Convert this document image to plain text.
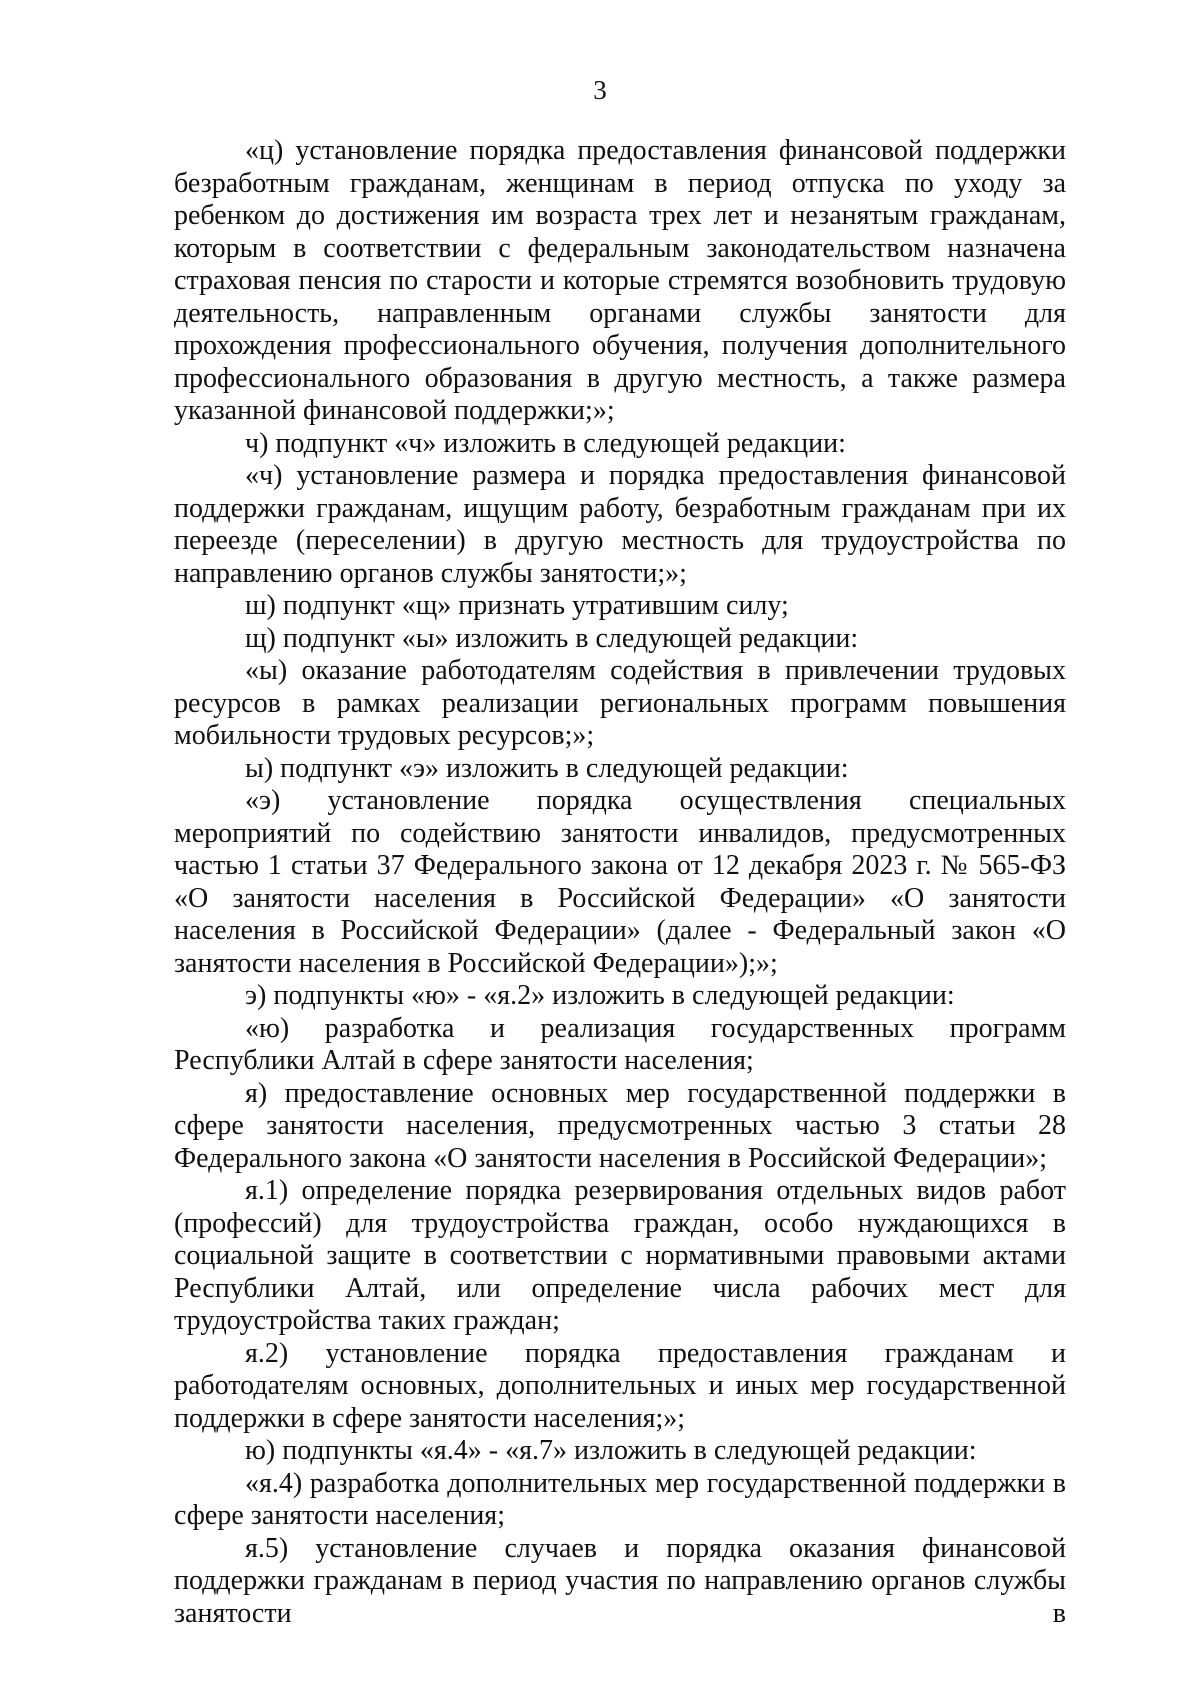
3

«ц) установление порядка предоставления финансовой поддержки безработным гражданам, женщинам в период отпуска по уходу за ребенком до достижения им возраста трех лет и незанятым гражданам, которым в соответствии с федеральным законодательством назначена страховая пенсия по старости и которые стремятся возобновить трудовую деятельность, направленным органами службы занятости для прохождения профессионального обучения, получения дополнительного профессионального образования в другую местность, а также размера указанной финансовой поддержки;»;

ч) подпункт «ч» изложить в следующей редакции:

«ч) установление размера и порядка предоставления финансовой поддержки гражданам, ищущим работу, безработным гражданам при их переезде (переселении) в другую местность для трудоустройства по направлению органов службы занятости;»;

ш) подпункт «щ» признать утратившим силу;

щ) подпункт «ы» изложить в следующей редакции:

«ы) оказание работодателям содействия в привлечении трудовых ресурсов в рамках реализации региональных программ повышения мобильности трудовых ресурсов;»;

ы) подпункт «э» изложить в следующей редакции:

«э) установление порядка осуществления специальных мероприятий по содействию занятости инвалидов, предусмотренных частью 1 статьи 37 Федерального закона от 12 декабря 2023 г. № 565-ФЗ «О занятости населения в Российской Федерации» «О занятости населения в Российской Федерации» (далее - Федеральный закон «О занятости населения в Российской Федерации»);»;

э) подпункты «ю» - «я.2» изложить в следующей редакции:

«ю) разработка и реализация государственных программ Республики Алтай в сфере занятости населения;

я) предоставление основных мер государственной поддержки в сфере занятости населения, предусмотренных частью 3 статьи 28 Федерального закона «О занятости населения в Российской Федерации»;

я.1) определение порядка резервирования отдельных видов работ (профессий) для трудоустройства граждан, особо нуждающихся в социальной защите в соответствии с нормативными правовыми актами Республики Алтай, или определение числа рабочих мест для трудоустройства таких граждан;

я.2) установление порядка предоставления гражданам и работодателям основных, дополнительных и иных мер государственной поддержки в сфере занятости населения;»;

ю) подпункты «я.4» - «я.7» изложить в следующей редакции:

«я.4) разработка дополнительных мер государственной поддержки в сфере занятости населения;

я.5) установление случаев и порядка оказания финансовой поддержки гражданам в период участия по направлению органов службы занятости в
